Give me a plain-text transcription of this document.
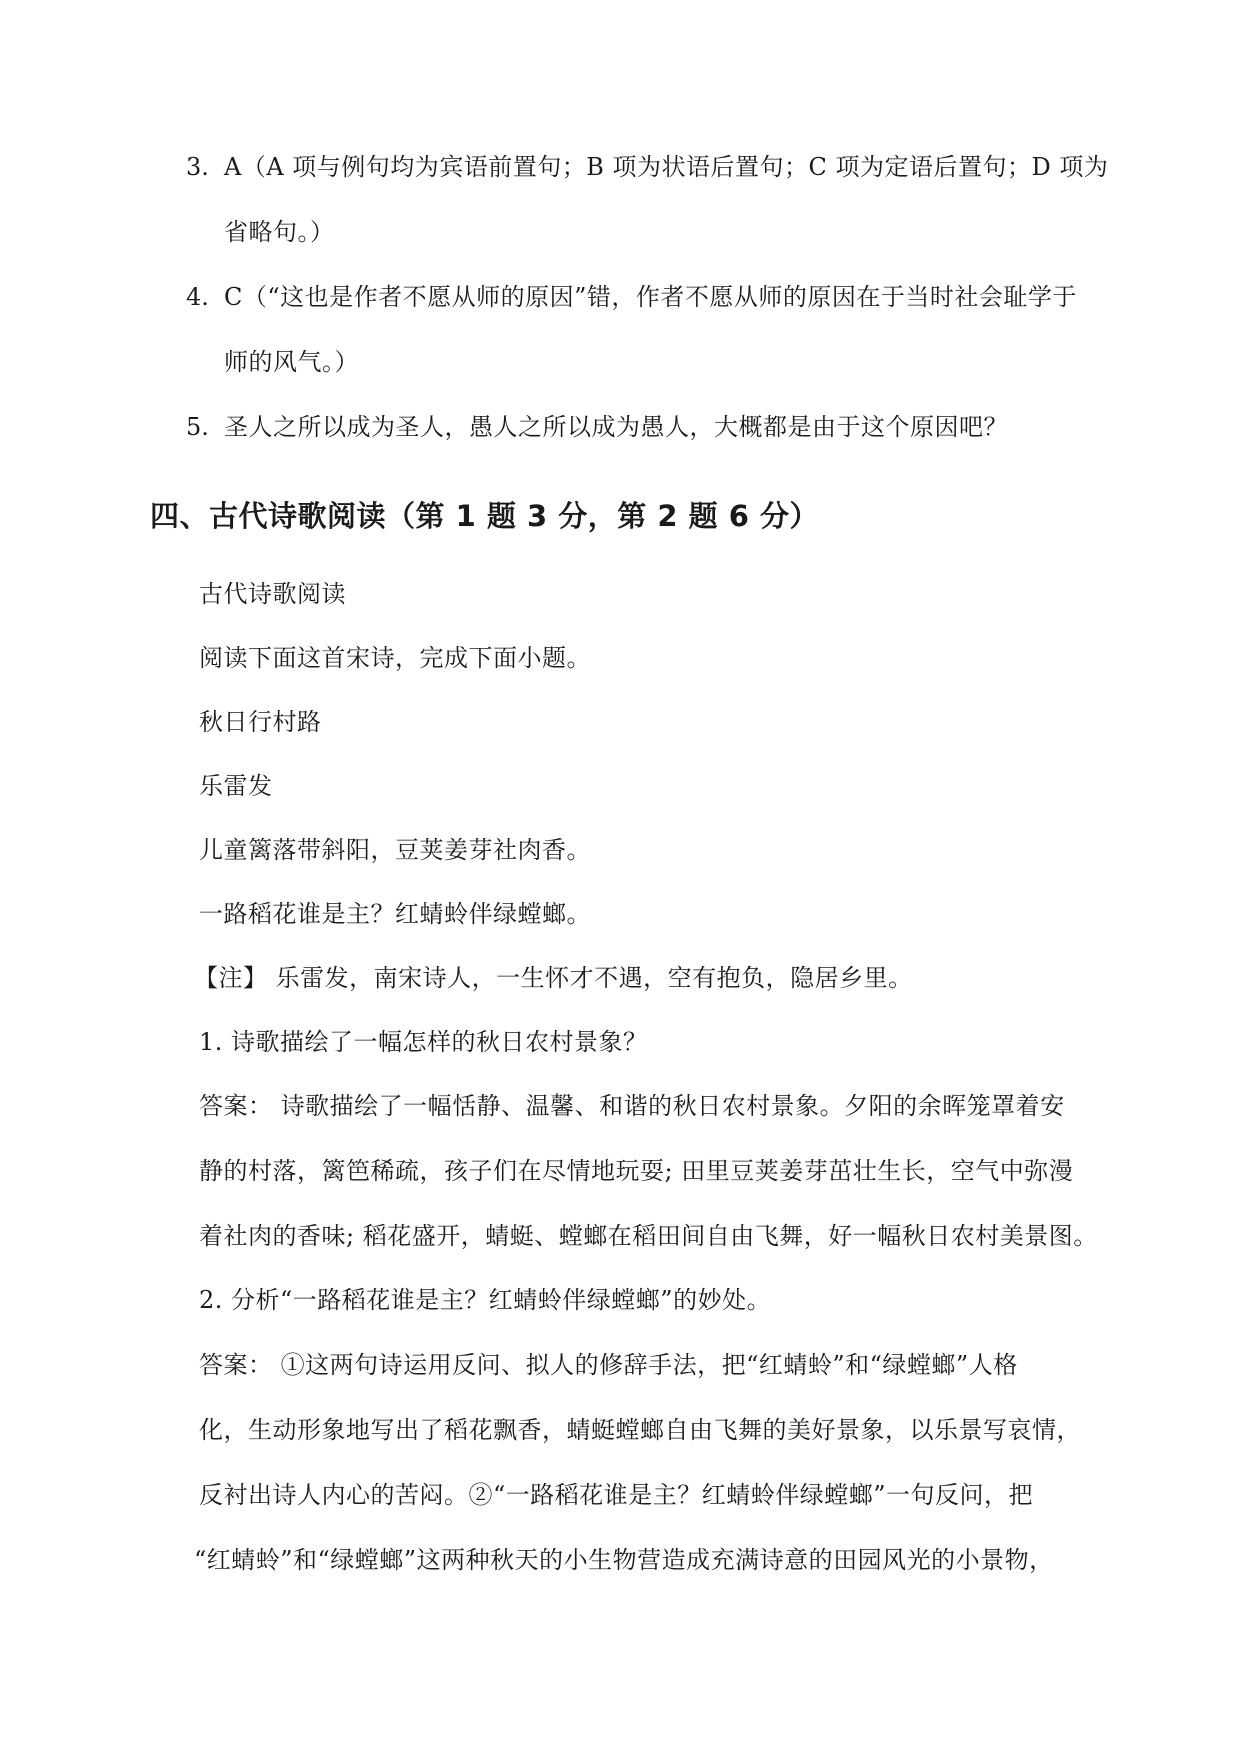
3. A（A 项与例句均为宾语前置句；B 项为状语后置句；C 项为定语后置句；D 项为
省略句。）
4. C（“这也是作者不愿从师的原因”错，作者不愿从师的原因在于当时社会耻学于
师的风气。）
5. 圣人之所以成为圣人，愚人之所以成为愚人，大概都是由于这个原因吧？
四、古代诗歌阅读（第 1 题 3 分，第 2 题 6 分）
古代诗歌阅读
阅读下面这首宋诗，完成下面小题。
秋日行村路
乐雷发
儿童篱落带斜阳，豆荚姜芽社肉香。
一路稻花谁是主？红蜻蛉伴绿螳螂。
【注】 乐雷发，南宋诗人，一生怀才不遇，空有抱负，隐居乡里。
1. 诗歌描绘了一幅怎样的秋日农村景象？
答案： 诗歌描绘了一幅恬静、温馨、和谐的秋日农村景象。夕阳的余晖笼罩着安
静的村落，篱笆稀疏，孩子们在尽情地玩耍; 田里豆荚姜芽茁壮生长，空气中弥漫
着社肉的香味; 稻花盛开，蜻蜓、螳螂在稻田间自由飞舞，好一幅秋日农村美景图。
2. 分析“一路稻花谁是主？红蜻蛉伴绿螳螂”的妙处。
答案： ①这两句诗运用反问、拟人的修辞手法，把“红蜻蛉”和“绿螳螂”人格
化，生动形象地写出了稻花飘香，蜻蜓螳螂自由飞舞的美好景象，以乐景写哀情，
反衬出诗人内心的苦闷。②“一路稻花谁是主？红蜻蛉伴绿螳螂”一句反问，把
“红蜻蛉”和“绿螳螂”这两种秋天的小生物营造成充满诗意的田园风光的小景物，
